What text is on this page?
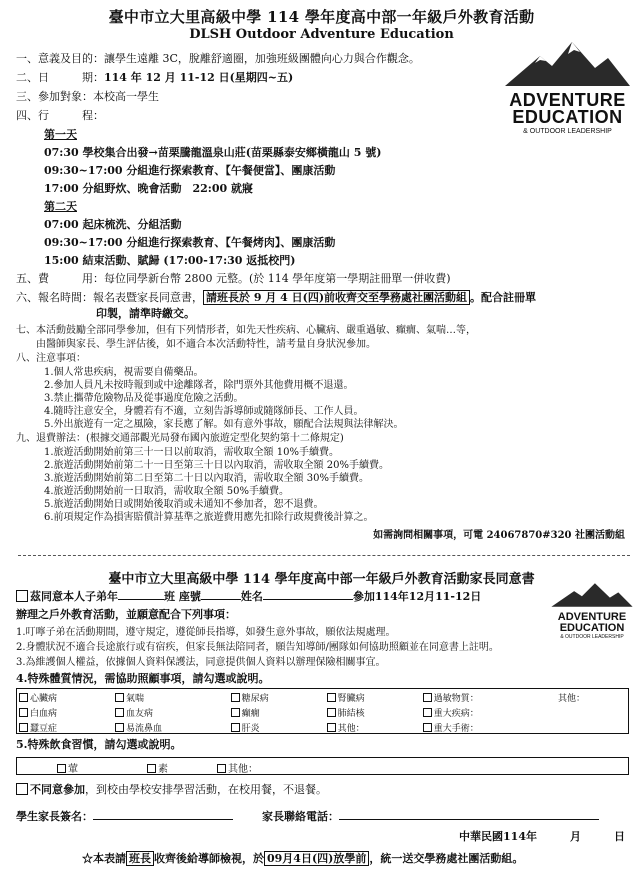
臺中市立大里高級中學 114 學年度高中部一年級戶外教育活動
DLSH Outdoor Adventure Education
ADVENTURE
EDUCATION
& OUTDOOR LEADERSHIP
一、意義及目的：讓學生遠離 3C，脫離舒適圈，加強班級團體向心力與合作觀念。
二、日　　　期：114 年 12 月 11-12 日(星期四~五)
三、參加對象：本校高一學生
四、行　　　程：
第一天
07:30 學校集合出發→苗栗騰龍溫泉山莊(苗栗縣泰安鄉橫龍山 5 號)
09:30~17:00 分組進行探索教育、【午餐便當】、團康活動
17:00 分組野炊、晚會活動　22:00 就寢
第二天
07:00 起床梳洗、分組活動
09:30~17:00 分組進行探索教育、【午餐烤肉】、團康活動
15:00 結束活動、賦歸 (17:00-17:30 返抵校門)
五、費　　　用：每位同學新台幣 2800 元整。(於 114 學年度第一學期註冊單一併收費)
六、報名時間：報名表暨家長同意書， 請班長於 9 月 4 日(四)前收齊交至學務處社團活動組 。配合註冊單
印製，請準時繳交。
七、本活動鼓勵全部同學參加，但有下列情形者，如先天性疾病、心臟病、嚴重過敏、癲癇、氣喘…等，
由醫師與家長、學生評估後，如不適合本次活動特性，請考量自身狀況參加。
八、注意事項：
1.個人常患疾病，視需要自備藥品。
2.參加人員凡未按時報到或中途離隊者，除門票外其他費用概不退還。
3.禁止攜帶危險物品及從事過度危險之活動。
4.隨時注意安全，身體若有不適，立刻告訴導師或隨隊師長、工作人員。
5.外出旅遊有一定之風險，家長應了解。如有意外事故，願配合法規與法律解決。
九、退費辦法：(根據交通部觀光局發布國內旅遊定型化契約第十二條規定)
1.旅遊活動開始前第三十一日以前取消，需收取全額 10%手續費。
2.旅遊活動開始前第二十一日至第三十日以內取消，需收取全額 20%手續費。
3.旅遊活動開始前第二日至第二十日以內取消，需收取全額 30%手續費。
4.旅遊活動開始前一日取消，需收取全額 50%手續費。
5.旅遊活動開始日或開始後取消或未通知不參加者，恕不退費。
6.前項規定作為損害賠償計算基準之旅遊費用應先扣除行政規費後計算之。
如需詢問相關事項，可電 24067870#320 社團活動組
臺中市立大里高級中學 114 學年度高中部一年級戶外教育活動家長同意書
ADVENTURE
EDUCATION
& OUTDOOR LEADERSHIP
茲同意本人子弟年	班 座號	姓名	參加114年12月11-12日
辦理之戶外教育活動，並願意配合下列事項：
1.叮嚀子弟在活動期間，遵守規定，遵從師長指導，如發生意外事故，願依法規處理。
2.身體狀況不適合長途旅行或有宿疾，但家長無法陪同者，願告知導師/團隊如何協助照顧並在同意書上註明。
3.為維護個人權益，依據個人資料保護法，同意提供個人資料以辦理保險相關事宜。
4.特殊體質情況，需協助照顧事項，請勾選或說明。
心臟病	氣喘	糖尿病	腎臟病	過敏物質：	其他：
白血病	血友病	癲癇	肺結核	重大疾病：	
蠶豆症	易流鼻血	肝炎	其他：	重大手術：	
5.特殊飲食習慣，請勾選或說明。
葷	素	其他：
不同意參加，到校由學校安排學習活動，在校用餐，不退餐。
學生家長簽名：	家長聯絡電話：
中華民國114年　　　月　　　日
☆本表請 班長 收齊後給導師檢視，於 09月4日(四)放學前 ，統一送交學務處社團活動組。
